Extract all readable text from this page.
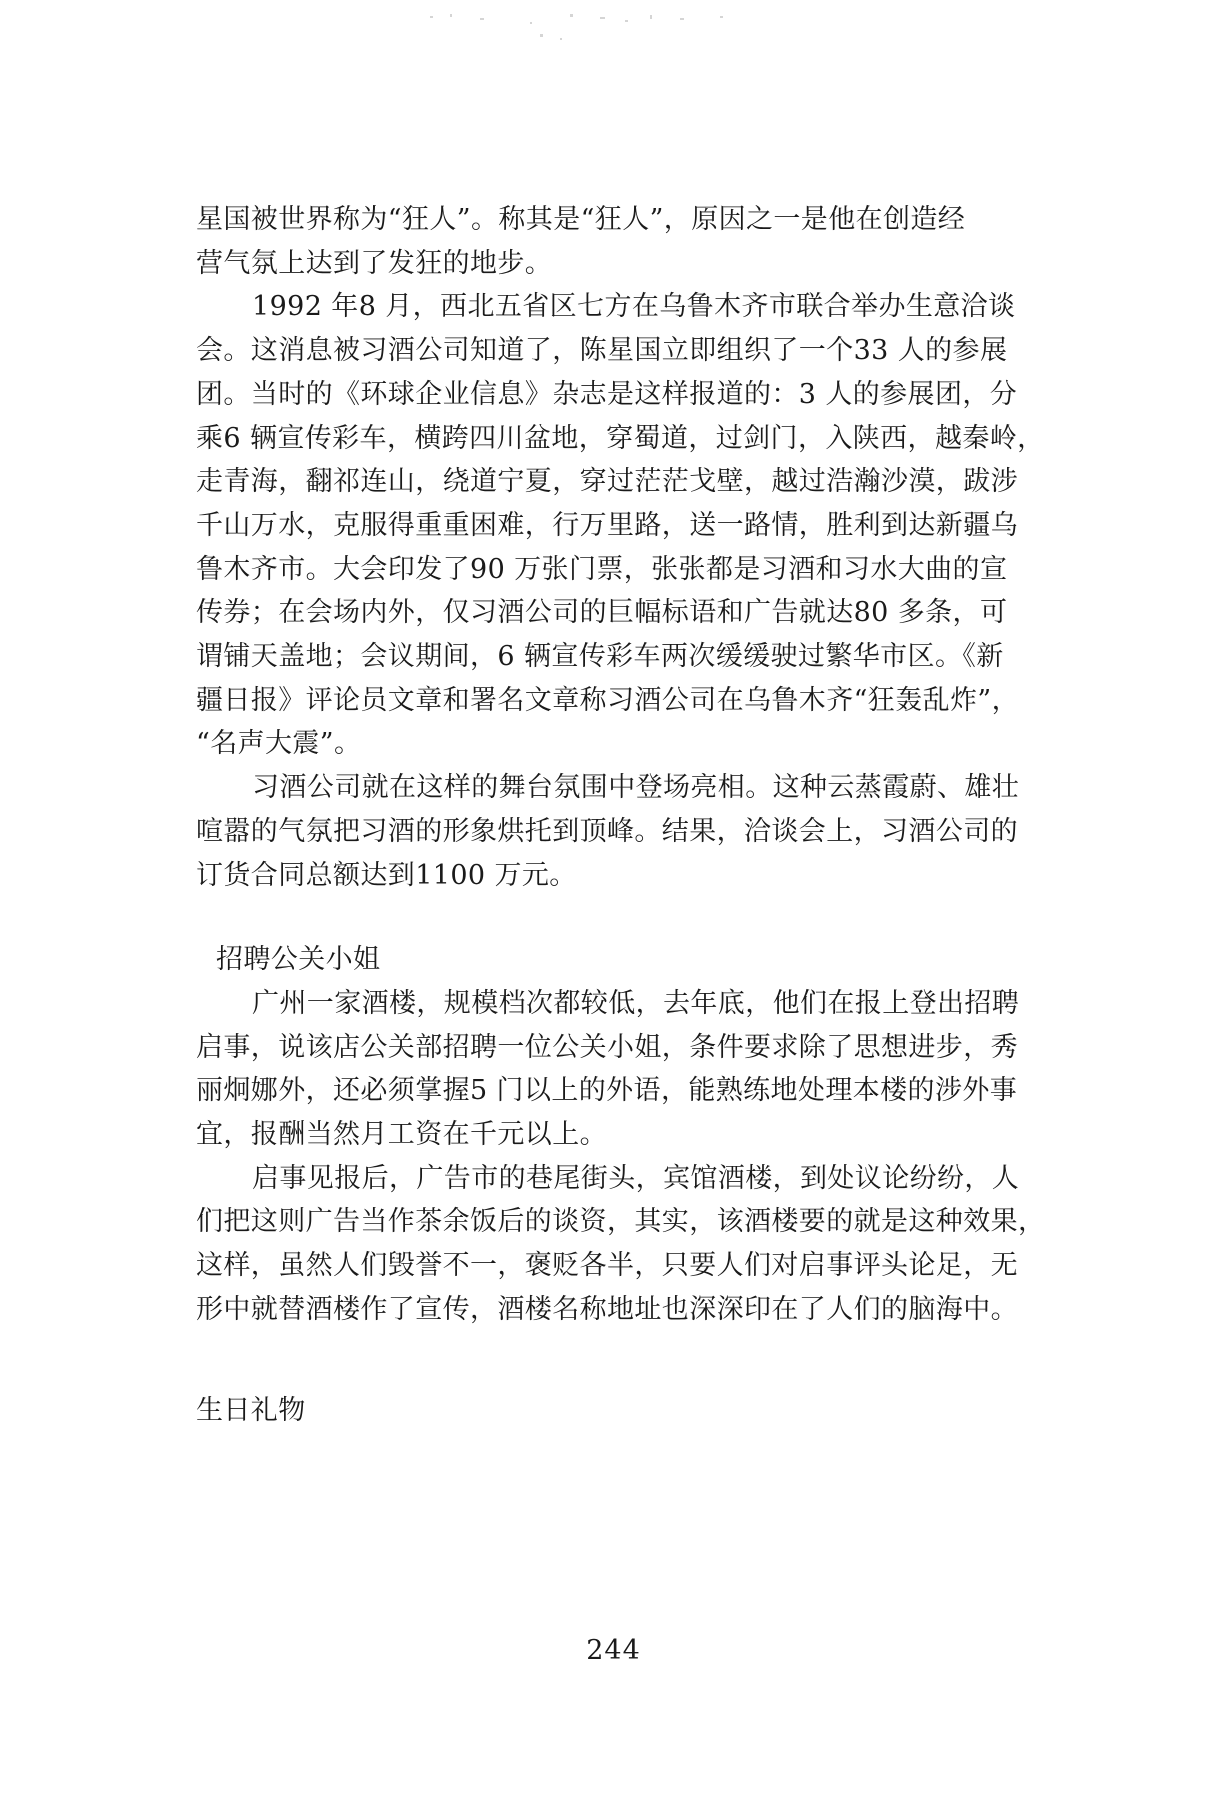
星国被世界称为“狂人”。称其是“狂人”，原因之一是他在创造经
营气氛上达到了发狂的地步。
1992 年8 月，西北五省区七方在乌鲁木齐市联合举办生意洽谈
会。这消息被习酒公司知道了，陈星国立即组织了一个33 人的参展
团。当时的《环球企业信息》杂志是这样报道的：3 人的参展团，分
乘6 辆宣传彩车，横跨四川盆地，穿蜀道，过剑门，入陕西，越秦岭，
走青海，翻祁连山，绕道宁夏，穿过茫茫戈壁，越过浩瀚沙漠，跋涉
千山万水，克服得重重困难，行万里路，送一路情，胜利到达新疆乌
鲁木齐市。大会印发了90 万张门票，张张都是习酒和习水大曲的宣
传券；在会场内外，仅习酒公司的巨幅标语和广告就达80 多条，可
谓铺天盖地；会议期间，6 辆宣传彩车两次缓缓驶过繁华市区。《新
疆日报》评论员文章和署名文章称习酒公司在乌鲁木齐“狂轰乱炸”，
“名声大震”。
习酒公司就在这样的舞台氛围中登场亮相。这种云蒸霞蔚、雄壮
喧嚣的气氛把习酒的形象烘托到顶峰。结果，洽谈会上，习酒公司的
订货合同总额达到1100 万元。
招聘公关小姐
广州一家酒楼，规模档次都较低，去年底，他们在报上登出招聘
启事，说该店公关部招聘一位公关小姐，条件要求除了思想进步，秀
丽炯娜外，还必须掌握5 门以上的外语，能熟练地处理本楼的涉外事
宜，报酬当然月工资在千元以上。
启事见报后，广告市的巷尾街头，宾馆酒楼，到处议论纷纷，人
们把这则广告当作茶余饭后的谈资，其实，该酒楼要的就是这种效果，
这样，虽然人们毁誉不一，褒贬各半，只要人们对启事评头论足，无
形中就替酒楼作了宣传，酒楼名称地址也深深印在了人们的脑海中。
生日礼物
244
